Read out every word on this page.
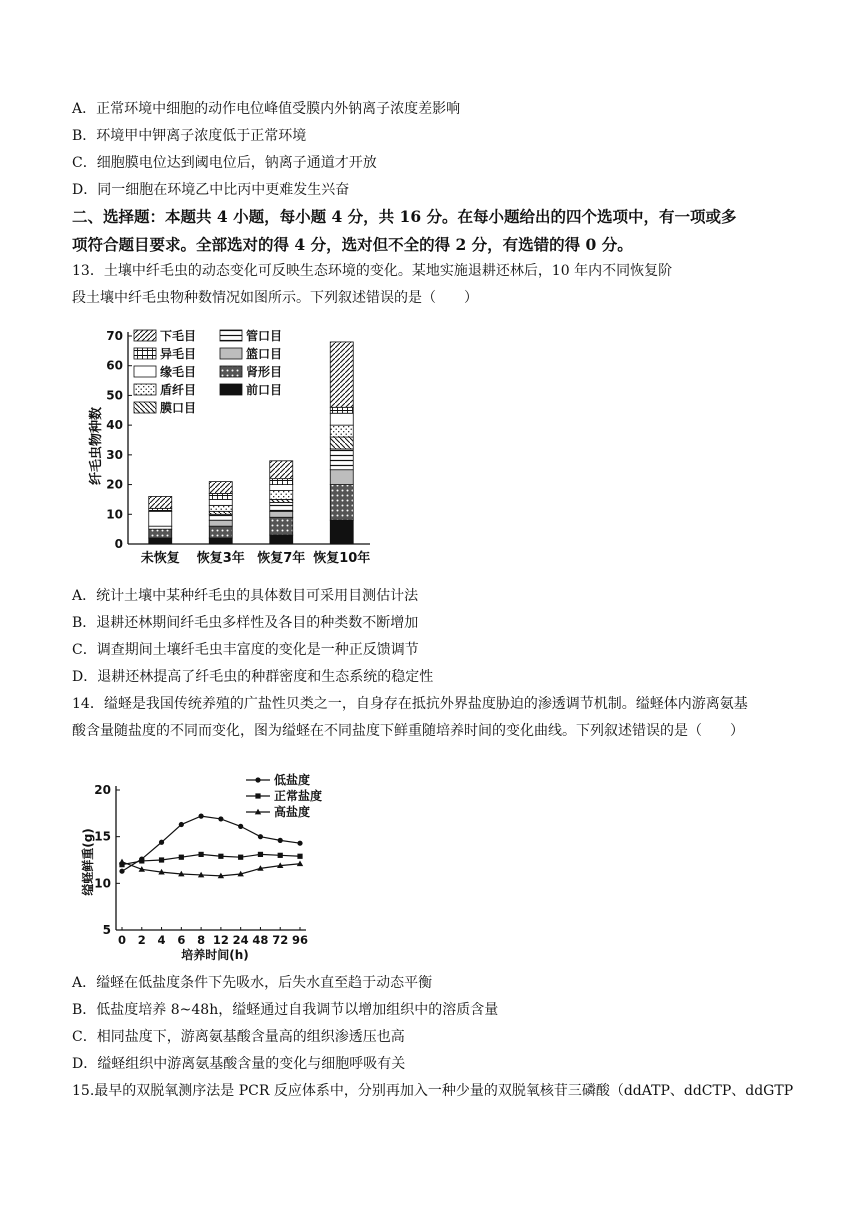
A．正常环境中细胞的动作电位峰值受膜内外钠离子浓度差影响
B．环境甲中钾离子浓度低于正常环境
C．细胞膜电位达到阈电位后，钠离子通道才开放
D．同一细胞在环境乙中比丙中更难发生兴奋
二、选择题：本题共 4 小题，每小题 4 分，共 16 分。在每小题给出的四个选项中，有一项或多
项符合题目要求。全部选对的得 4 分，选对但不全的得 2 分，有选错的得 0 分。
13．土壤中纤毛虫的动态变化可反映生态环境的变化。某地实施退耕还林后，10 年内不同恢复阶
段土壤中纤毛虫物种数情况如图所示。下列叙述错误的是（　　）
纤毛虫物种数
0
10
20
30
40
50
60
70
未恢复 恢复3年 恢复7年 恢复10年
下毛目
异毛目
缘毛目
盾纤目
膜口目
管口目
篮口目
肾形目
前口目
A．统计土壤中某种纤毛虫的具体数目可采用目测估计法
B．退耕还林期间纤毛虫多样性及各目的种类数不断增加
C．调查期间土壤纤毛虫丰富度的变化是一种正反馈调节
D．退耕还林提高了纤毛虫的种群密度和生态系统的稳定性
14．缢蛏是我国传统养殖的广盐性贝类之一，自身存在抵抗外界盐度胁迫的渗透调节机制。缢蛏体内游离氨基
酸含量随盐度的不同而变化，图为缢蛏在不同盐度下鲜重随培养时间的变化曲线。下列叙述错误的是（　　）
缢蛏鲜重(g)
培养时间(h)
5
10
15
20
0 2 4 6 8 12 24 48 72 96
低盐度
正常盐度
高盐度
A．缢蛏在低盐度条件下先吸水，后失水直至趋于动态平衡
B．低盐度培养 8~48h，缢蛏通过自我调节以增加组织中的溶质含量
C．相同盐度下，游离氨基酸含量高的组织渗透压也高
D．缢蛏组织中游离氨基酸含量的变化与细胞呼吸有关
15.最早的双脱氧测序法是 PCR 反应体系中，分别再加入一种少量的双脱氧核苷三磷酸（ddATP、ddCTP、ddGTP
